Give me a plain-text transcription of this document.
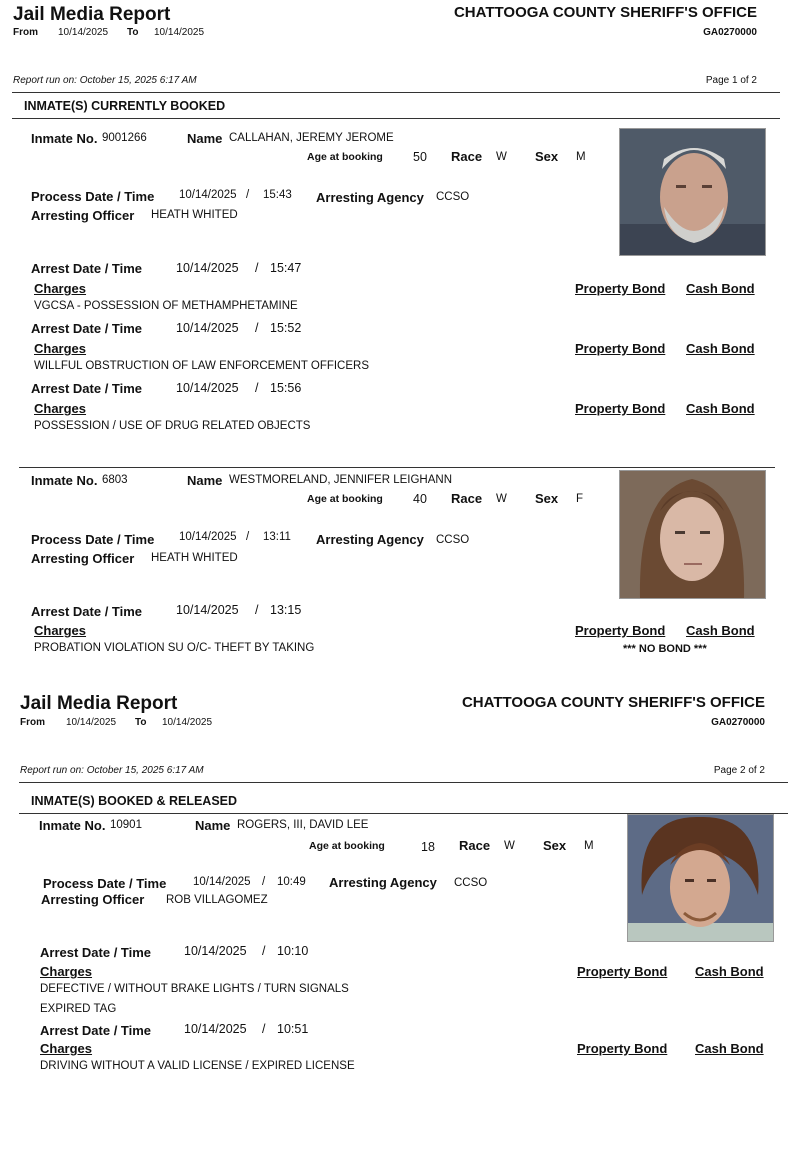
Jail Media Report
From 10/14/2025 To 10/14/2025
CHATTOOGA COUNTY SHERIFF'S OFFICE
GA0270000
Report run on: October 15, 2025 6:17 AM	Page 1 of 2
INMATE(S) CURRENTLY BOOKED
Inmate No. 9001266	Name CALLAHAN, JEREMY JEROME
Age at booking 50 Race W Sex M
Process Date / Time 10/14/2025 / 15:43 Arresting Agency CCSO
Arresting Officer HEATH WHITED
Arrest Date / Time	10/14/2025 / 15:47
Charges	Property Bond Cash Bond
VGCSA - POSSESSION OF METHAMPHETAMINE
Arrest Date / Time	10/14/2025 / 15:52
Charges	Property Bond Cash Bond
WILLFUL OBSTRUCTION OF LAW ENFORCEMENT OFFICERS
Arrest Date / Time	10/14/2025 / 15:56
Charges	Property Bond Cash Bond
POSSESSION / USE OF DRUG RELATED OBJECTS
Inmate No. 6803	Name WESTMORELAND, JENNIFER LEIGHANN
Age at booking 40 Race W Sex F
Process Date / Time 10/14/2025 / 13:11 Arresting Agency CCSO
Arresting Officer HEATH WHITED
Arrest Date / Time	10/14/2025 / 13:15
Charges	Property Bond Cash Bond
PROBATION VIOLATION SU O/C- THEFT BY TAKING	*** NO BOND ***
Jail Media Report
From 10/14/2025 To 10/14/2025
CHATTOOGA COUNTY SHERIFF'S OFFICE
GA0270000
Report run on: October 15, 2025 6:17 AM	Page 2 of 2
INMATE(S) BOOKED & RELEASED
Inmate No. 10901	Name ROGERS, III, DAVID LEE
Age at booking	18 Race W Sex M
Process Date / Time 10/14/2025 / 10:49 Arresting Agency CCSO
Arresting Officer ROB VILLAGOMEZ
Arrest Date / Time	10/14/2025 / 10:10
Charges	Property Bond Cash Bond
DEFECTIVE / WITHOUT BRAKE LIGHTS / TURN SIGNALS
EXPIRED TAG
Arrest Date / Time	10/14/2025 / 10:51
Charges	Property Bond Cash Bond
DRIVING WITHOUT A VALID LICENSE / EXPIRED LICENSE
